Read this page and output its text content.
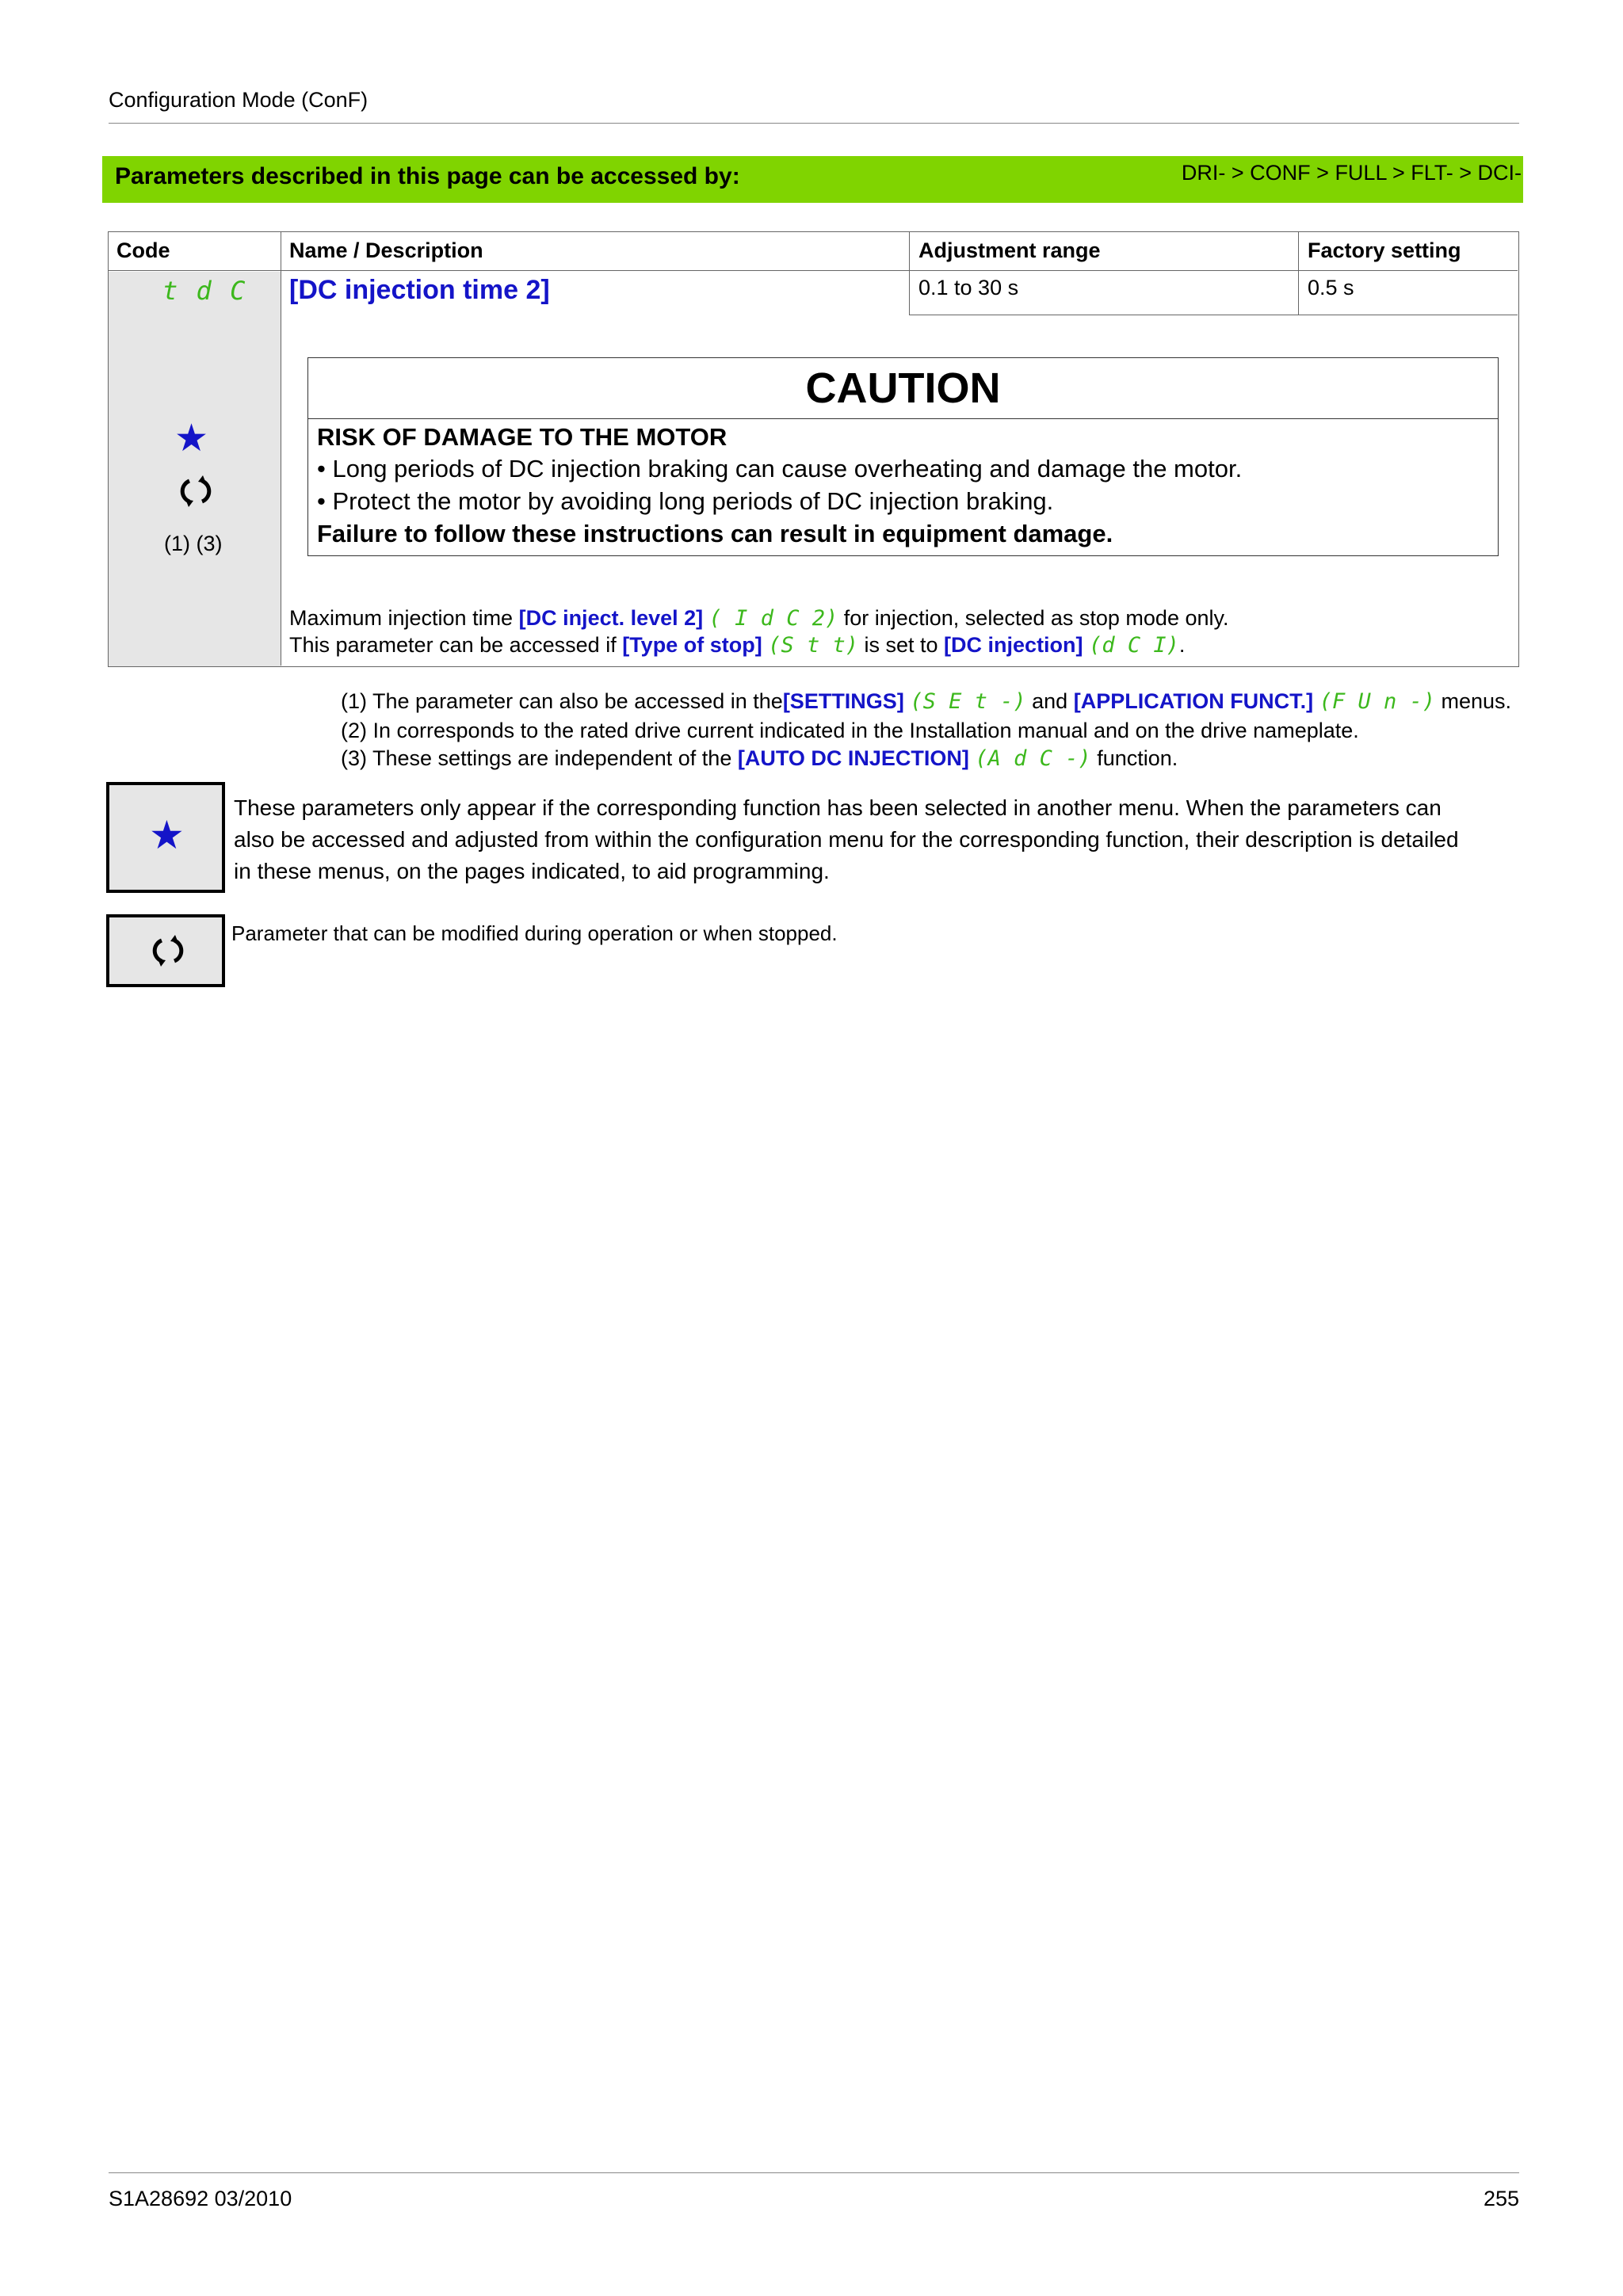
Configuration Mode (ConF)
Parameters described in this page can be accessed by:	DRI- > CONF > FULL > FLT- > DCI-
Code	Name / Description	Adjustment range	Factory setting
t d C [DC injection time 2]	0.1 to 30 s	0.5 s
★
(1) (3)
Maximum injection time [DC inject. level 2] ( I d C 2) for injection, selected as stop mode only.
This parameter can be accessed if [Type of stop] (S t t) is set to [DC injection] (d C I).
CAUTION
RISK OF DAMAGE TO THE MOTOR
• Long periods of DC injection braking can cause overheating and damage the motor.
• Protect the motor by avoiding long periods of DC injection braking.
Failure to follow these instructions can result in equipment damage.
(1) The parameter can also be accessed in the[SETTINGS] (S E t -) and [APPLICATION FUNCT.] (F U n -) menus.
(2) In corresponds to the rated drive current indicated in the Installation manual and on the drive nameplate.
(3) These settings are independent of the [AUTO DC INJECTION] (A d C -) function.
★
These parameters only appear if the corresponding function has been selected in another menu. When the parameters can
also be accessed and adjusted from within the configuration menu for the corresponding function, their description is detailed
in these menus, on the pages indicated, to aid programming.
Parameter that can be modified during operation or when stopped.
S1A28692 03/2010	255
